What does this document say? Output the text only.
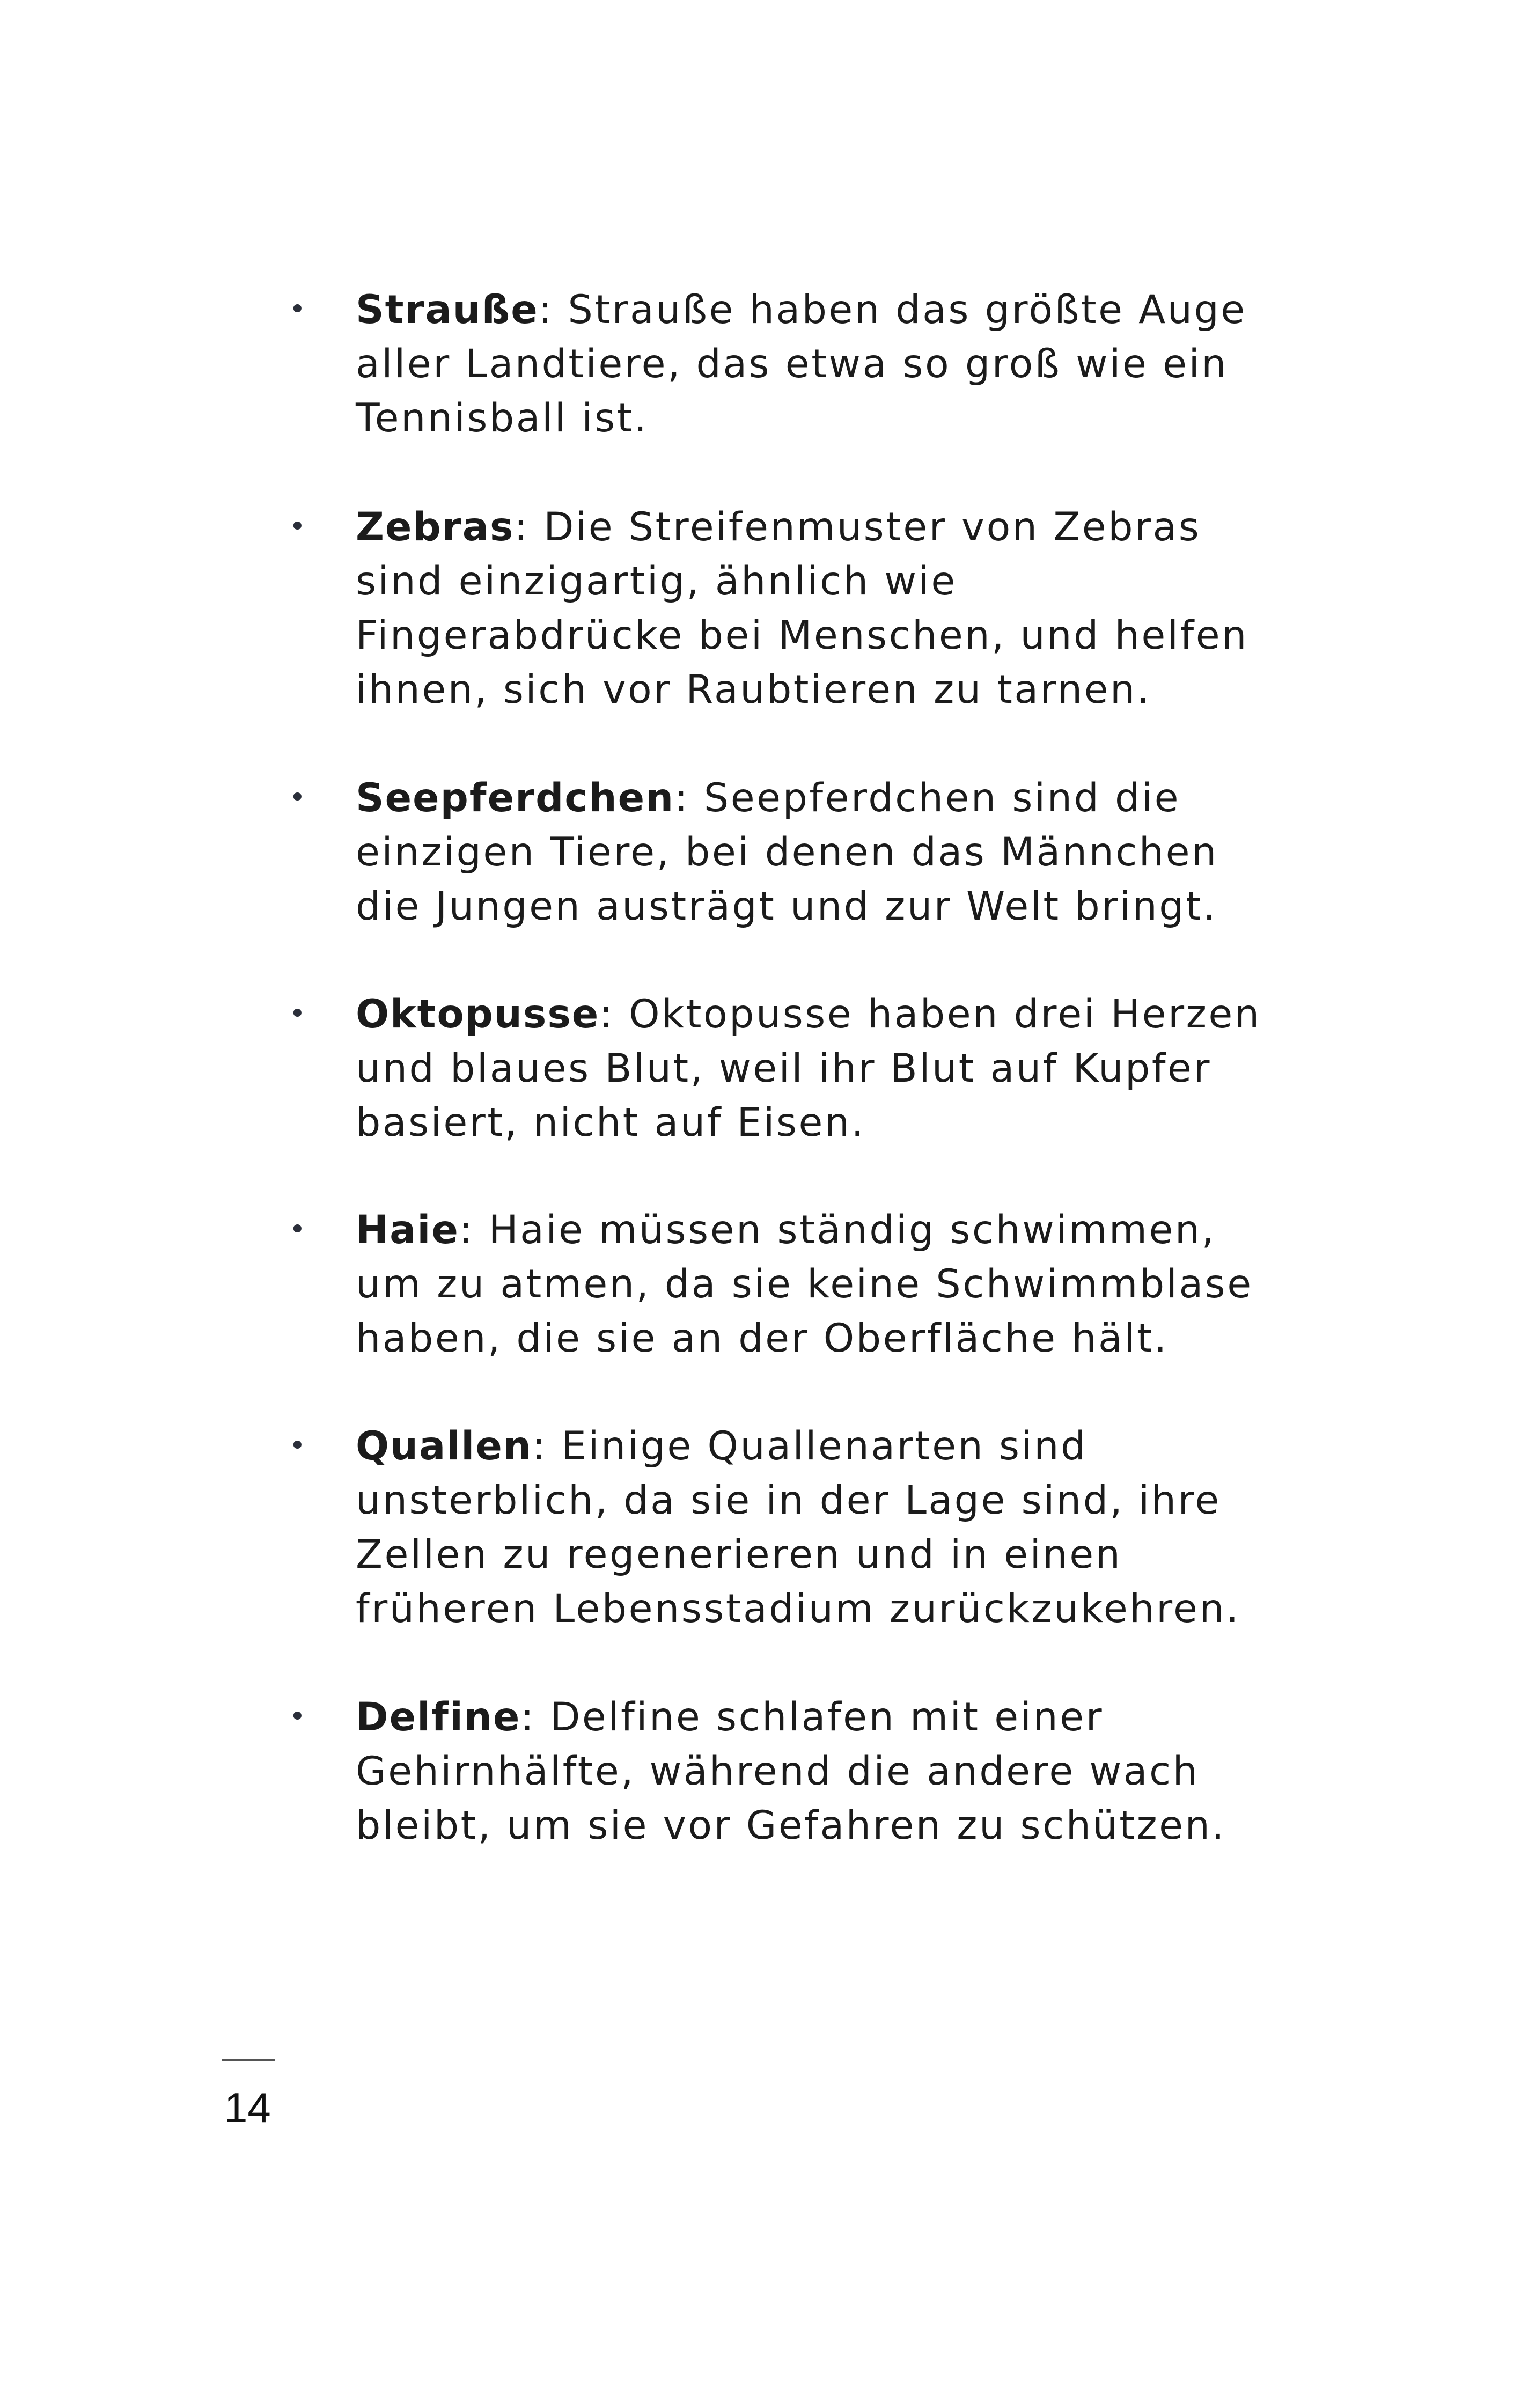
• Strauße: Strauße haben das größte Auge
aller Landtiere, das etwa so groß wie ein
Tennisball ist.
• Zebras: Die Streifenmuster von Zebras
sind einzigartig, ähnlich wie
Fingerabdrücke bei Menschen, und helfen
ihnen, sich vor Raubtieren zu tarnen.
• Seepferdchen: Seepferdchen sind die
einzigen Tiere, bei denen das Männchen
die Jungen austrägt und zur Welt bringt.
• Oktopusse: Oktopusse haben drei Herzen
und blaues Blut, weil ihr Blut auf Kupfer
basiert, nicht auf Eisen.
• Haie: Haie müssen ständig schwimmen,
um zu atmen, da sie keine Schwimmblase
haben, die sie an der Oberfläche hält.
• Quallen: Einige Quallenarten sind
unsterblich, da sie in der Lage sind, ihre
Zellen zu regenerieren und in einen
früheren Lebensstadium zurückzukehren.
• Delfine: Delfine schlafen mit einer
Gehirnhälfte, während die andere wach
bleibt, um sie vor Gefahren zu schützen.
14
